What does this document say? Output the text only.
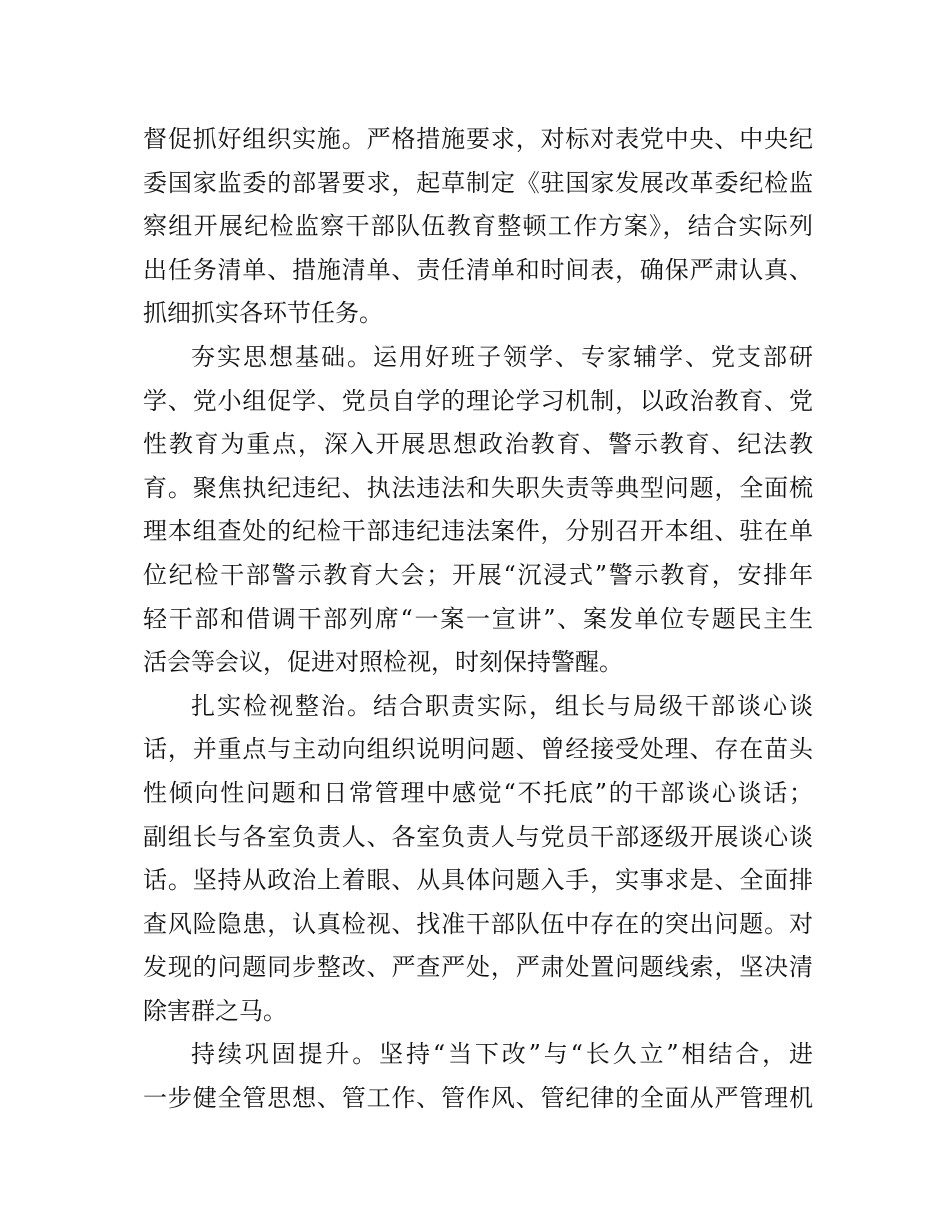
督促抓好组织实施。严格措施要求，对标对表党中央、中央纪
委国家监委的部署要求，起草制定《驻国家发展改革委纪检监
察组开展纪检监察干部队伍教育整顿工作方案》，结合实际列
出任务清单、措施清单、责任清单和时间表，确保严肃认真、
抓细抓实各环节任务。
夯实思想基础。运用好班子领学、专家辅学、党支部研
学、党小组促学、党员自学的理论学习机制，以政治教育、党
性教育为重点，深入开展思想政治教育、警示教育、纪法教
育。聚焦执纪违纪、执法违法和失职失责等典型问题，全面梳
理本组查处的纪检干部违纪违法案件，分别召开本组、驻在单
位纪检干部警示教育大会；开展“沉浸式”警示教育，安排年
轻干部和借调干部列席“一案一宣讲”、案发单位专题民主生
活会等会议，促进对照检视，时刻保持警醒。
扎实检视整治。结合职责实际，组长与局级干部谈心谈
话，并重点与主动向组织说明问题、曾经接受处理、存在苗头
性倾向性问题和日常管理中感觉“不托底”的干部谈心谈话；
副组长与各室负责人、各室负责人与党员干部逐级开展谈心谈
话。坚持从政治上着眼、从具体问题入手，实事求是、全面排
查风险隐患，认真检视、找准干部队伍中存在的突出问题。对
发现的问题同步整改、严查严处，严肃处置问题线索，坚决清
除害群之马。
持续巩固提升。坚持“当下改”与“长久立”相结合，进
一步健全管思想、管工作、管作风、管纪律的全面从严管理机
